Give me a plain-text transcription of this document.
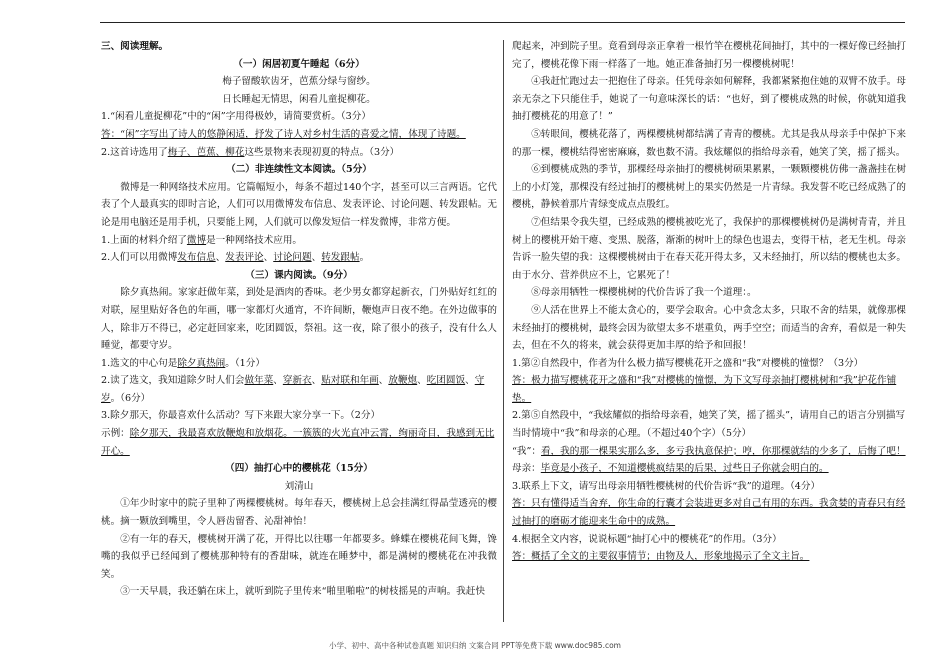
三、阅读理解。

（一）闲居初夏午睡起（6分）

梅子留酸软齿牙，芭蕉分绿与窗纱。

日长睡起无情思，闲看儿童捉柳花。

1.“闲看儿童捉柳花”中的“闲”字用得极妙，请简要赏析。（3分）

答：“闲”字写出了诗人的悠静闲适，抒发了诗人对乡村生活的喜爱之情，体现了诗题。

2.这首诗选用了梅子、芭蕉、柳花这些景物来表现初夏的特点。（3分）

（二）非连续性文本阅读。（5分）

微博是一种网络技术应用。它篇幅短小，每条不超过140个字，甚至可以三言两语。它代表了个人最真实的即时言论，人们可以用微博发布信息、发表评论、讨论问题、转发跟帖。无论是用电脑还是用手机，只要能上网，人们就可以像发短信一样发微博，非常方便。

1.上面的材料介绍了微博是一种网络技术应用。

2.人们可以用微博发布信息、发表评论、讨论问题、转发跟帖。

（三）课内阅读。（9分）

除夕真热闹。家家赶做年菜，到处是酒肉的香味。老少男女都穿起新衣，门外贴好红红的对联，屋里贴好各色的年画，哪一家都灯火通宵，不许间断，鞭炮声日夜不绝。在外边做事的人，除非万不得已，必定赶回家来，吃团圆饭，祭祖。这一夜，除了很小的孩子，没有什么人睡觉，都要守岁。

1.选文的中心句是除夕真热闹。（1分）

2.读了选文，我知道除夕时人们会做年菜、穿新衣、贴对联和年画、放鞭炮、吃团圆饭、守岁。（6分）

3.除夕那天，你最喜欢什么活动？写下来跟大家分享一下。（2分）

示例：除夕那天，我最喜欢放鞭炮和放烟花。一簇簇的火光直冲云霄，绚丽奇目，我感到无比开心。

（四）抽打心中的樱桃花（15分）

刘清山

①年少时家中的院子里种了两棵樱桃树。每年春天，樱桃树上总会挂满红得晶莹透亮的樱桃。摘一颗放到嘴里，令人唇齿留香、沁甜神怡！

②有一年的春天，樱桃树开满了花，开得比以往哪一年都要多。蜂蝶在樱桃花间飞舞，馋嘴的我似乎已经闻到了樱桃那种特有的香甜味，就连在睡梦中，都是满树的樱桃花在冲我微笑。

③一天早晨，我还躺在床上，就听到院子里传来“啪里啪啦”的树枝摇晃的声响。我赶快

爬起来，冲到院子里。竟看到母亲正拿着一根竹竿在樱桃花间抽打，其中的一棵好像已经抽打完了，樱桃花像下雨一样落了一地。她正准备抽打另一棵樱桃树呢！

④我赶忙跑过去一把抱住了母亲。任凭母亲如何解释，我都紧紧抱住她的双臂不放手。母亲无奈之下只能住手，她说了一句意味深长的话：“也好，到了樱桃成熟的时候，你就知道我抽打樱桃花的用意了！”

⑤转眼间，樱桃花落了，两棵樱桃树都结满了青青的樱桃。尤其是我从母亲手中保护下来的那一棵，樱桃结得密密麻麻，数也数不清。我炫耀似的指给母亲看，她笑了笑，摇了摇头。

⑥到樱桃成熟的季节，那棵经母亲抽打的樱桃树硕果累累，一颗颗樱桃仿佛一盏盏挂在树上的小灯笼，那棵没有经过抽打的樱桃树上的果实仍然是一片青绿。我发誓不吃已经成熟了的樱桃，静候着那片青绿变成点点殷红。

⑦但结果令我失望，已经成熟的樱桃被吃光了，我保护的那棵樱桃树仍是满树青青，并且树上的樱桃开始干瘪、变黑、脱落，渐渐的树叶上的绿色也退去，变得干枯，老无生机。母亲告诉一脸失望的我：这棵樱桃树由于在春天花开得太多，又未经抽打，所以结的樱桃也太多。由于水分、营养供应不上，它累死了！

⑧母亲用牺牲一棵樱桃树的代价告诉了我一个道理：。

⑨人活在世界上不能太贪心的，要学会取舍。心中贪念太多，只取不舍的结果，就像那棵未经抽打的樱桃树，最终会因为欲望太多不堪重负，两手空空；而适当的舍弃，看似是一种失去，但在不久的将来，就会获得更加丰厚的给予和回报！

1.第②自然段中，作者为什么极力描写樱桃花开之盛和“我”对樱桃的憧憬？（3分）

答：极力描写樱桃花开之盛和“我”对樱桃的憧憬，为下文写母亲抽打樱桃树和“我”护花作铺垫。

2.第⑤自然段中，“我炫耀似的指给母亲看，她笑了笑，摇了摇头”，请用自己的语言分别描写当时情境中“我”和母亲的心理。（不超过40个字）（5分）

“我”：看，我的那一棵果实那么多，多亏我执意保护；哼，你那棵就结的少多了，后悔了吧！

母亲：毕竟是小孩子，不知道樱桃疯结果的后果，过些日子你就会明白的。

3.联系上下文，请写出母亲用牺牲樱桃树的代价告诉“我”的道理。（4分）

答：只有懂得适当舍弃，你生命的行囊才会装进更多对自己有用的东西。我贪婪的青春只有经过抽打的磨砺才能迎来生命中的成熟。

4.根据全文内容，说说标题“抽打心中的樱桃花”的作用。（3分）

答：概括了全文的主要叙事情节；由物及人，形象地揭示了全文主旨。

小学、初中、高中各种试卷真题 知识归纳 文案合同 PPT等免费下载 www.doc985.com
